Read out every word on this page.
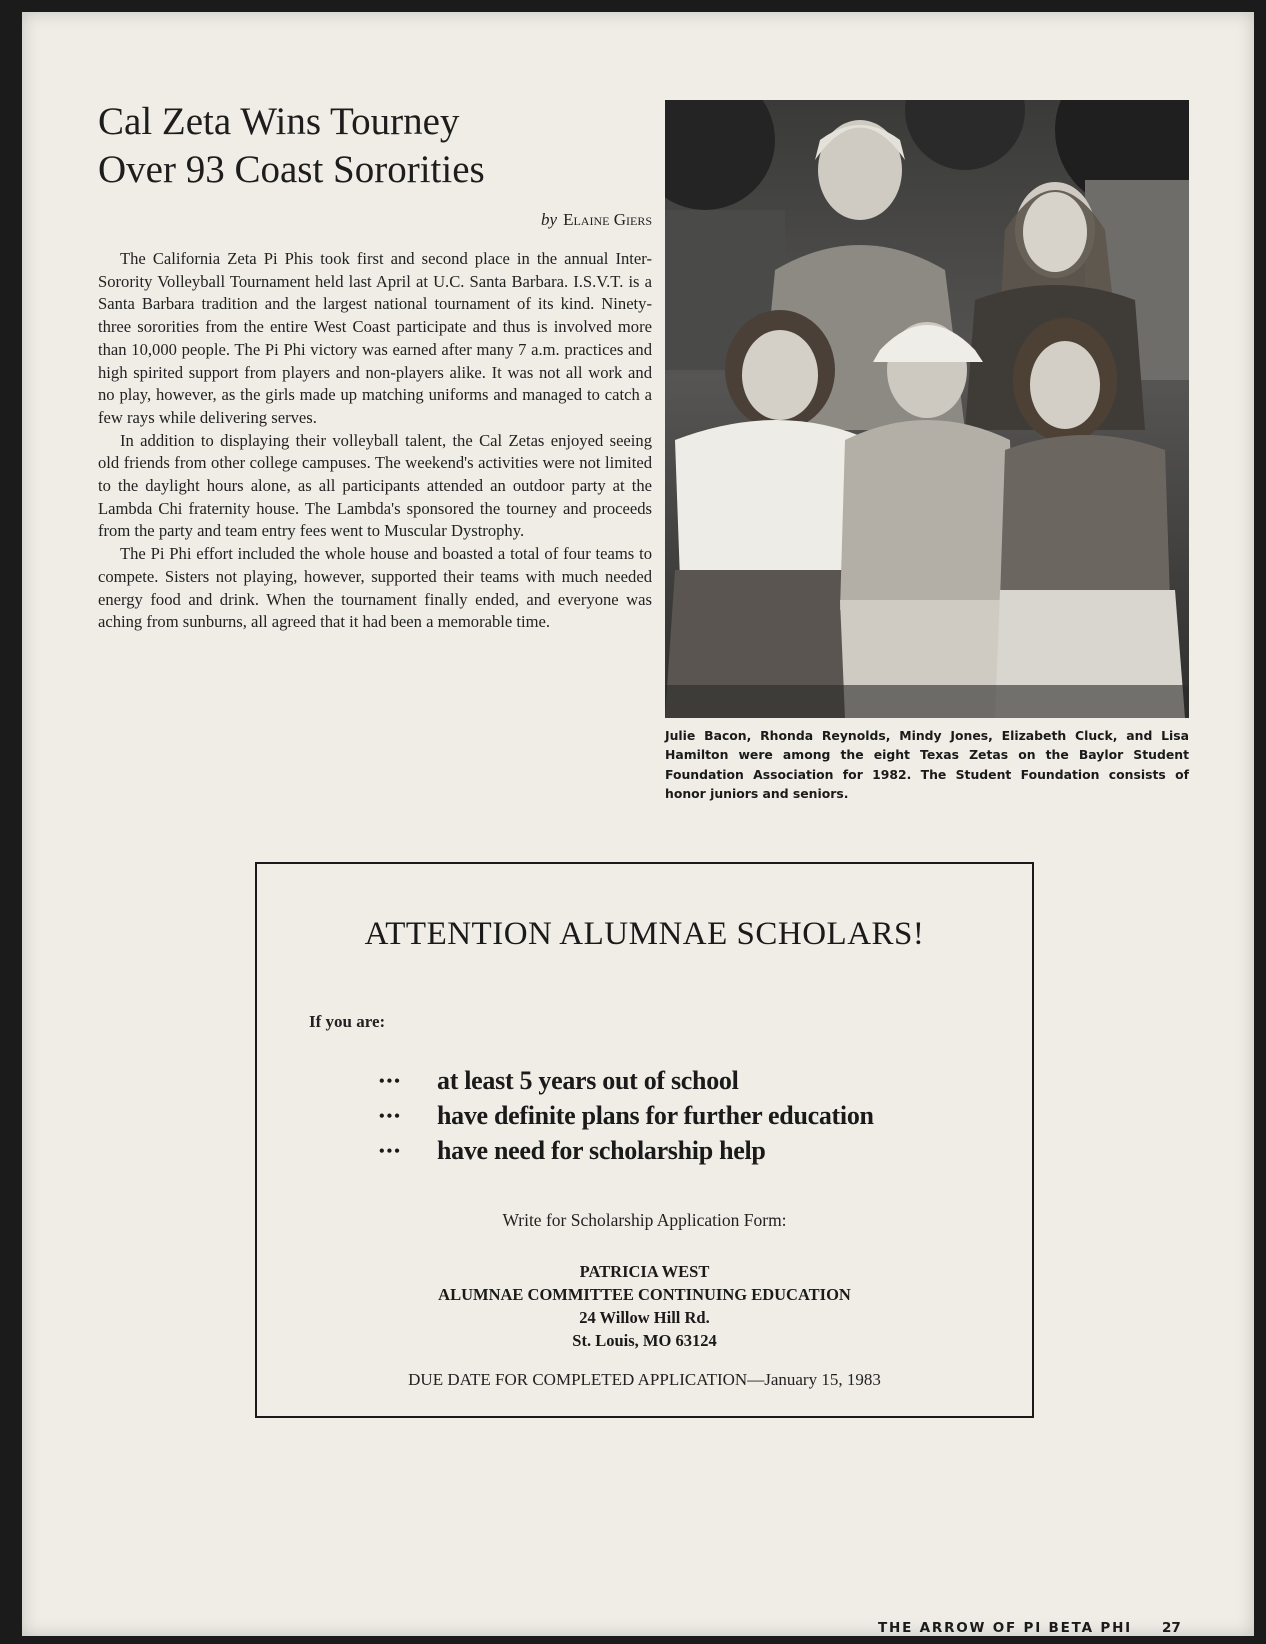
Cal Zeta Wins Tourney
Over 93 Coast Sororities
by Elaine Giers

The California Zeta Pi Phis took first and second place in the annual Inter-Sorority Volleyball Tournament held last April at U.C. Santa Barbara. I.S.V.T. is a Santa Barbara tradition and the largest national tournament of its kind. Ninety-three sororities from the entire West Coast participate and thus is involved more than 10,000 people. The Pi Phi victory was earned after many 7 a.m. practices and high spirited support from players and non-players alike. It was not all work and no play, however, as the girls made up matching uniforms and managed to catch a few rays while delivering serves.

In addition to displaying their volleyball talent, the Cal Zetas enjoyed seeing old friends from other college campuses. The weekend's activities were not limited to the daylight hours alone, as all participants attended an outdoor party at the Lambda Chi fraternity house. The Lambda's sponsored the tourney and proceeds from the party and team entry fees went to Muscular Dystrophy.

The Pi Phi effort included the whole house and boasted a total of four teams to compete. Sisters not playing, however, supported their teams with much needed energy food and drink. When the tournament finally ended, and everyone was aching from sunburns, all agreed that it had been a memorable time.

Julie Bacon, Rhonda Reynolds, Mindy Jones, Elizabeth Cluck, and Lisa Hamilton were among the eight Texas Zetas on the Baylor Student Foundation Association for 1982. The Student Foundation consists of honor juniors and seniors.
ATTENTION ALUMNAE SCHOLARS!
If you are:
••• at least 5 years out of school
••• have definite plans for further education
••• have need for scholarship help
Write for Scholarship Application Form:
PATRICIA WEST
ALUMNAE COMMITTEE CONTINUING EDUCATION
24 Willow Hill Rd.
St. Louis, MO 63124
DUE DATE FOR COMPLETED APPLICATION—January 15, 1983
THE ARROW OF PI BETA PHI 27
